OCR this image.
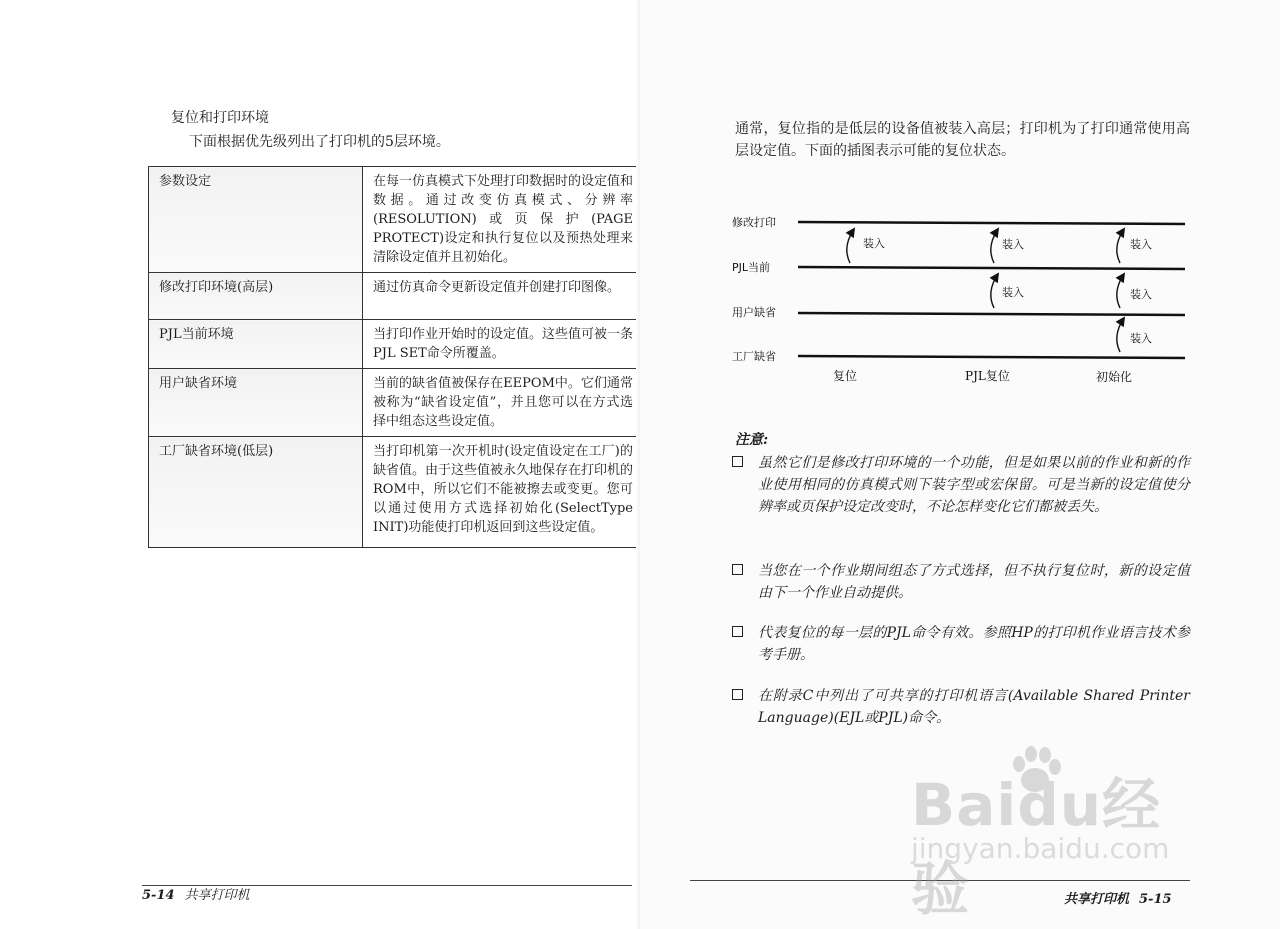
复位和打印环境
下面根据优先级列出了打印机的5层环境。
参数设定	在每一仿真模式下处理打印数据时的设定值和数据。通过改变仿真模式、分辨率(RESOLUTION)或页保护(PAGE PROTECT)设定和执行复位以及预热处理来清除设定值并且初始化。
修改打印环境(高层)	通过仿真命令更新设定值并创建打印图像。
PJL当前环境	当打印作业开始时的设定值。这些值可被一条PJL SET命令所覆盖。
用户缺省环境	当前的缺省值被保存在EEPOM中。它们通常被称为“缺省设定值”，并且您可以在方式选择中组态这些设定值。
工厂缺省环境(低层)	当打印机第一次开机时(设定值设定在工厂)的缺省值。由于这些值被永久地保存在打印机的ROM中，所以它们不能被擦去或变更。您可以通过使用方式选择初始化(SelectType INIT)功能使打印机返回到这些设定值。
5-14 共享打印机
通常，复位指的是低层的设备值被装入高层；打印机为了打印通常使用高层设定值。下面的插图表示可能的复位状态。
修改打印
PJL当前
用户缺省
工厂缺省
装入	装入
装入
装入
装入
装入
复位	PJL复位	初始化
注意:
虽然它们是修改打印环境的一个功能，但是如果以前的作业和新的作业使用相同的仿真模式则下装字型或宏保留。可是当新的设定值使分辨率或页保护设定改变时，不论怎样变化它们都被丢失。
当您在一个作业期间组态了方式选择，但不执行复位时，新的设定值由下一个作业自动提供。
代表复位的每一层的PJL命令有效。参照HP的打印机作业语言技术参考手册。
在附录C中列出了可共享的打印机语言(Available Shared Printer Language)(EJL或PJL)命令。
共享打印机 5-15
Baidu经验
jingyan.baidu.com
